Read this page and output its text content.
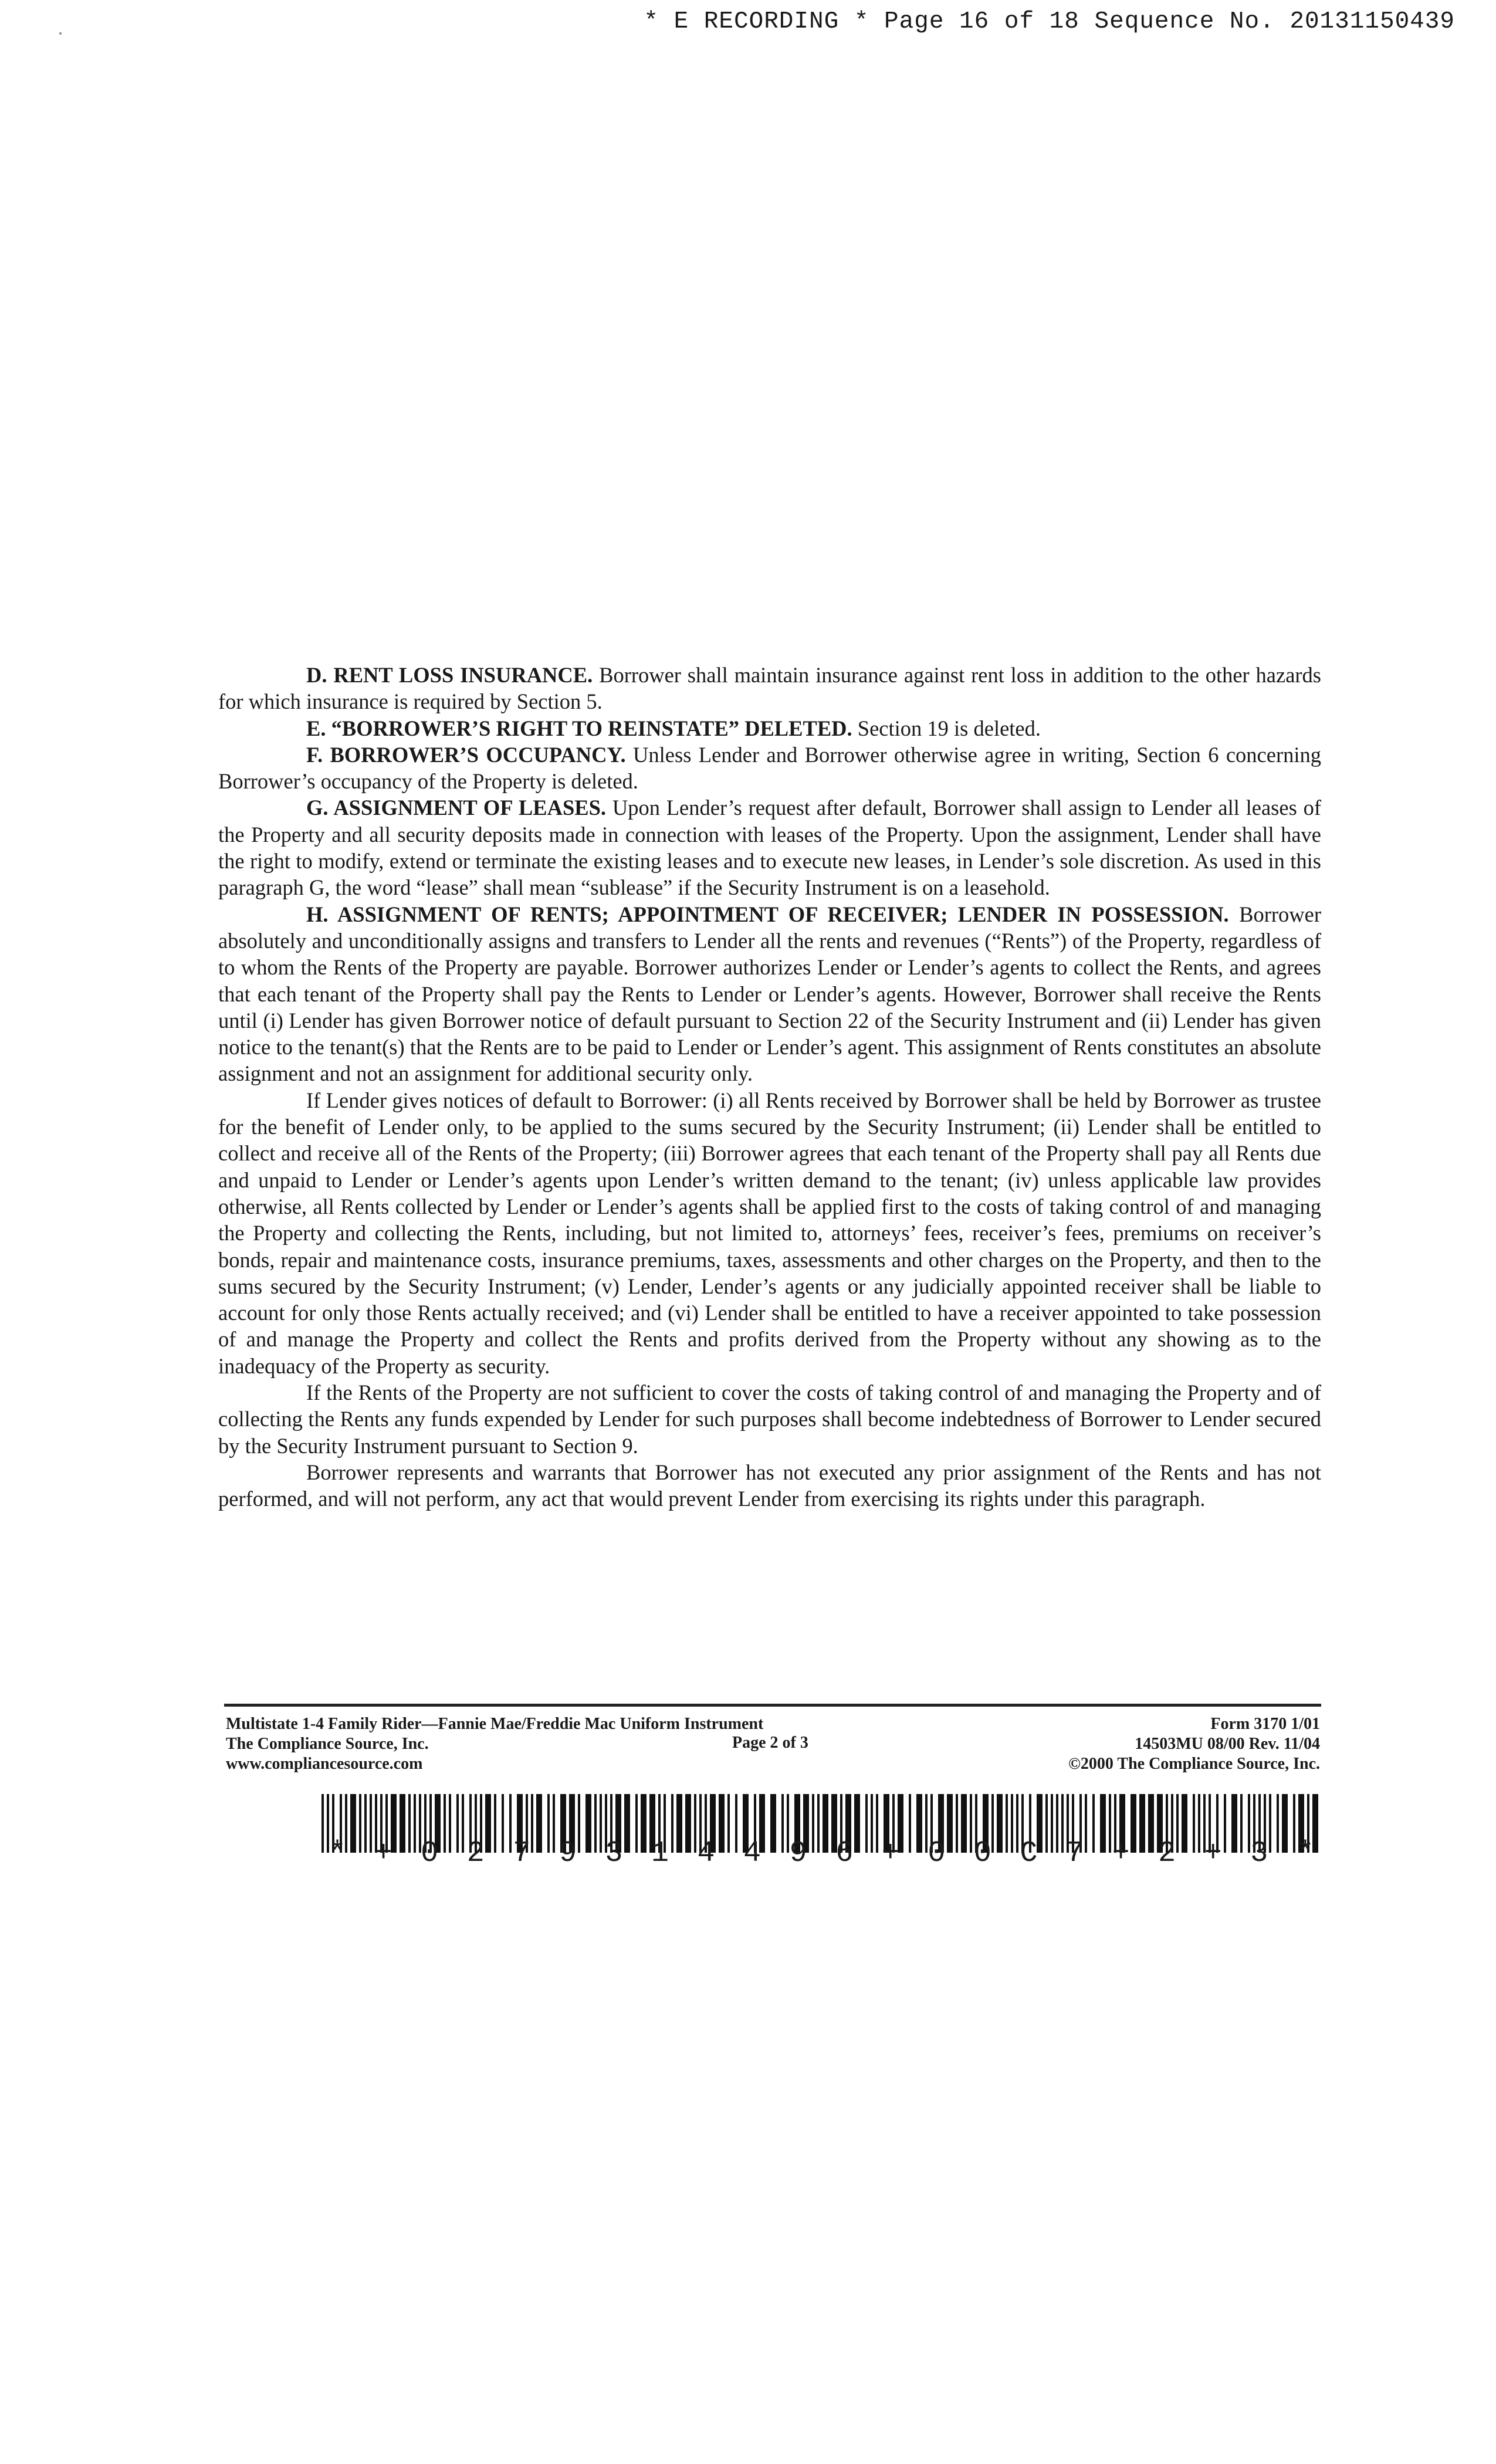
* E RECORDING * Page 16 of 18 Sequence No. 20131150439

D. RENT LOSS INSURANCE. Borrower shall maintain insurance against rent loss in addition to the other hazards for which insurance is required by Section 5.

E. “BORROWER’S RIGHT TO REINSTATE” DELETED. Section 19 is deleted.

F. BORROWER’S OCCUPANCY. Unless Lender and Borrower otherwise agree in writing, Section 6 concerning Borrower’s occupancy of the Property is deleted.

G. ASSIGNMENT OF LEASES. Upon Lender’s request after default, Borrower shall assign to Lender all leases of the Property and all security deposits made in connection with leases of the Property. Upon the assignment, Lender shall have the right to modify, extend or terminate the existing leases and to execute new leases, in Lender’s sole discretion. As used in this paragraph G, the word “lease” shall mean “sublease” if the Security Instrument is on a leasehold.

H. ASSIGNMENT OF RENTS; APPOINTMENT OF RECEIVER; LENDER IN POSSESSION. Borrower absolutely and unconditionally assigns and transfers to Lender all the rents and revenues (“Rents”) of the Property, regardless of to whom the Rents of the Property are payable. Borrower authorizes Lender or Lender’s agents to collect the Rents, and agrees that each tenant of the Property shall pay the Rents to Lender or Lender’s agents. However, Borrower shall receive the Rents until (i) Lender has given Borrower notice of default pursuant to Section 22 of the Security Instrument and (ii) Lender has given notice to the tenant(s) that the Rents are to be paid to Lender or Lender’s agent. This assignment of Rents constitutes an absolute assignment and not an assignment for additional security only.

If Lender gives notices of default to Borrower: (i) all Rents received by Borrower shall be held by Borrower as trustee for the benefit of Lender only, to be applied to the sums secured by the Security Instrument; (ii) Lender shall be entitled to collect and receive all of the Rents of the Property; (iii) Borrower agrees that each tenant of the Property shall pay all Rents due and unpaid to Lender or Lender’s agents upon Lender’s written demand to the tenant; (iv) unless applicable law provides otherwise, all Rents collected by Lender or Lender’s agents shall be applied first to the costs of taking control of and managing the Property and collecting the Rents, including, but not limited to, attorneys’ fees, receiver’s fees, premiums on receiver’s bonds, repair and maintenance costs, insurance premiums, taxes, assessments and other charges on the Property, and then to the sums secured by the Security Instrument; (v) Lender, Lender’s agents or any judicially appointed receiver shall be liable to account for only those Rents actually received; and (vi) Lender shall be entitled to have a receiver appointed to take possession of and manage the Property and collect the Rents and profits derived from the Property without any showing as to the inadequacy of the Property as security.

If the Rents of the Property are not sufficient to cover the costs of taking control of and managing the Property and of collecting the Rents any funds expended by Lender for such purposes shall become indebtedness of Borrower to Lender secured by the Security Instrument pursuant to Section 9.

Borrower represents and warrants that Borrower has not executed any prior assignment of the Rents and has not performed, and will not perform, any act that would prevent Lender from exercising its rights under this paragraph.

Multistate 1-4 Family Rider—Fannie Mae/Freddie Mac Uniform Instrument
The Compliance Source, Inc.
www.compliancesource.com
Page 2 of 3
Form 3170 1/01
14503MU 08/00 Rev. 11/04
©2000 The Compliance Source, Inc.
* + 0 2 7 9 3 1 4 4 9 6 + 0 0 C 7 + 2 + 3 *
